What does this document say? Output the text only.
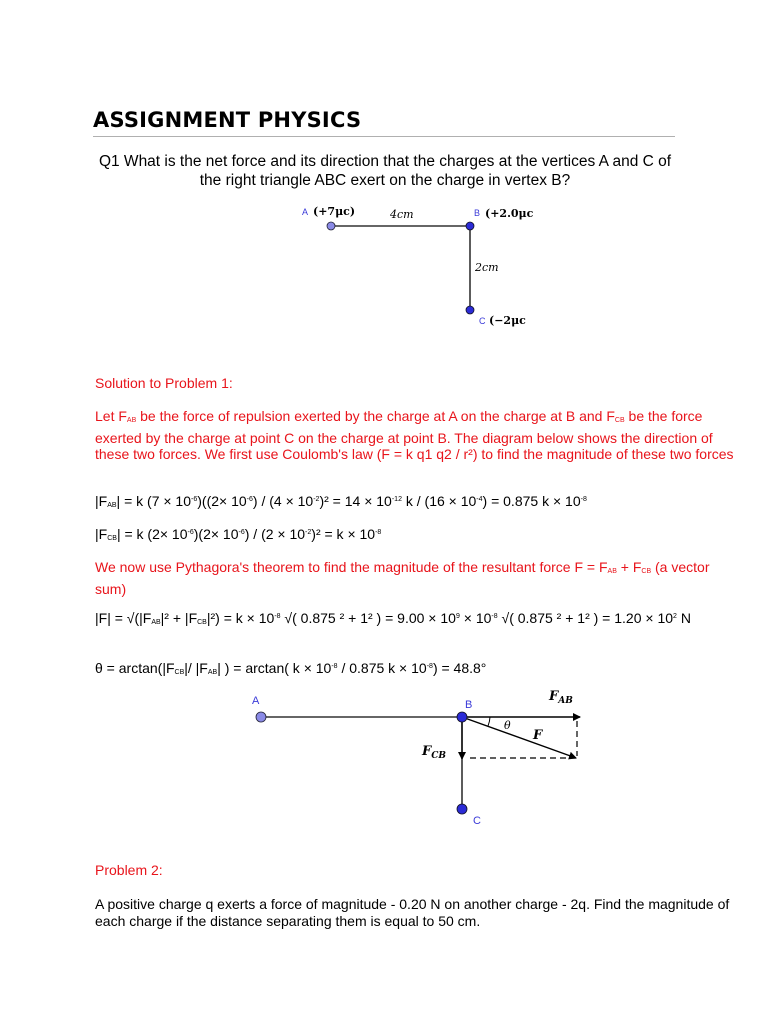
ASSIGNMENT PHYSICS
Q1 What is the net force and its direction that the charges at the vertices A and C of the right triangle ABC exert on the charge in vertex B?
A (+7μc)	4cm	B (+2.0μc
2cm
C (−2μc
Solution to Problem 1:
Let $F_{AB}$ be the force of repulsion exerted by the charge at A on the charge at B and $F_{CB}$ be the force exerted by the charge at point C on the charge at point B. The diagram below shows the direction of these two forces. We first use Coulomb's law (F = k q1 q2 / r²) to find the magnitude of these two forces
$|F_{AB}| = k$ $(7 \times 10^{-6})((2\times 10^{-6}) / (4 \times 10^{-2})^2 = 14 \times 10^{-12}$ $k / (16 \times 10^{-4}) = 0.875$ $k \times 10^{-8}$
$|F_{CB}| = k$ $(2\times 10^{-6})(2\times 10^{-6}) / (2 \times 10^{-2})^2 = k \times 10^{-8}$
We now use Pythagora's theorem to find the magnitude of the resultant force $F = F_{AB} + F_{CB}$ (a vector sum)
$|F| = √(|F_{AB}|^2 + |F_{CB}|^2) = k \times 10^{-8}$ √( 0.875 ² + 1² ) = $9.00 \times 10^9 \times 10^{-8}$ √( 0.875 ² + 1² ) = $1.20 \times 10^2$ N
$\theta = \arctan(|F_{CB}|/$ $|F_{AB}|$ ) = arctan( $k \times 10^{-8} / 0.875$ $k \times 10^{-8}) = 48.8^\circ$
A	B
C
$F_{AB}$
$F_{CB}$
F
θ
Problem 2:
A positive charge q exerts a force of magnitude - 0.20 N on another charge - 2q. Find the magnitude of each charge if the distance separating them is equal to 50 cm.
